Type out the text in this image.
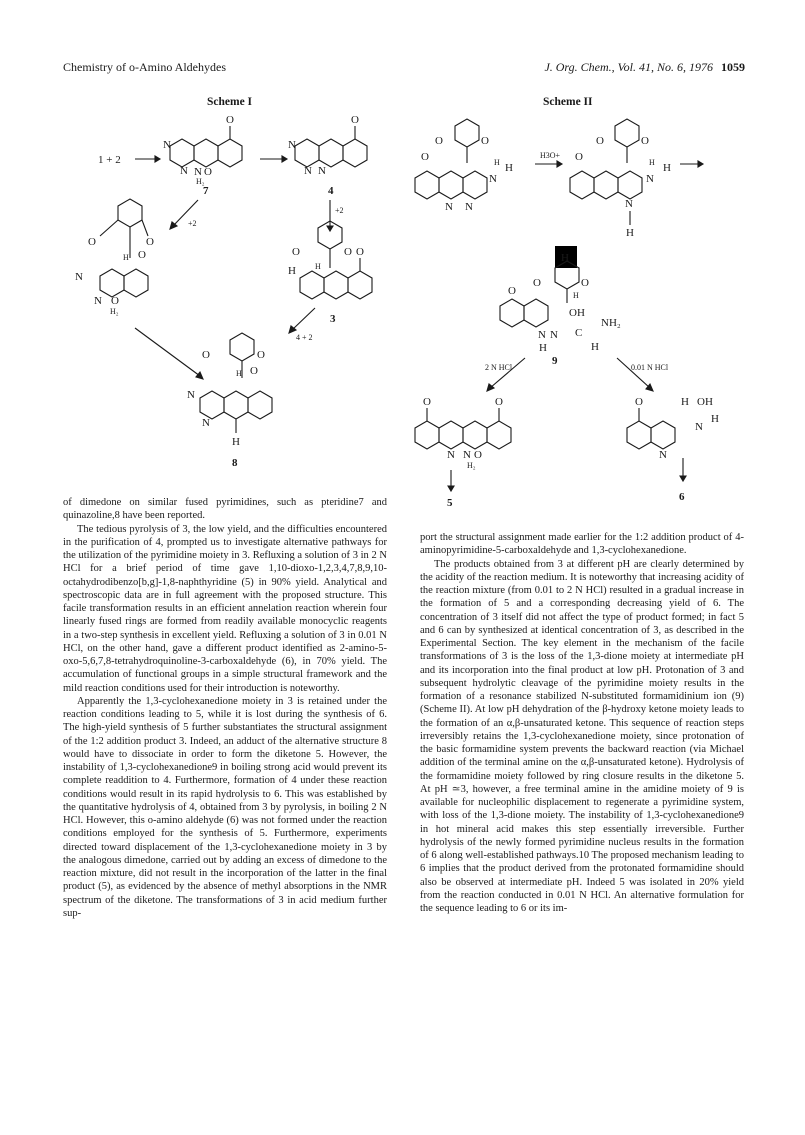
Chemistry of o-Amino Aldehydes	J. Org. Chem., Vol. 41, No. 6, 1976 1059
Scheme I	Scheme II
1 + 2
O
N
N N O
H₂
7
O
N
N N
4
+2
+2
O	O
H O
N
N O
H₂
O	O
H H
O
3
4 + 2
O	O
H O
N
N
H
8
O	O
O	H H
N
N N
H3O+
O	O
O	H H
N
N
H
H
O	O
H
OH
O
N N C
NH₂
H	H
9
2 N HCl	0.01 N HCl
O	O
N N O
H₂
5
O	H OH
N
H
N
6

of dimedone on similar fused pyrimidines, such as pteridine7 and quinazoline,8 have been reported.

The tedious pyrolysis of 3, the low yield, and the difficulties encountered in the purification of 4, prompted us to investigate alternative pathways for the utilization of the pyrimidine moiety in 3. Refluxing a solution of 3 in 2 N HCl for a brief period of time gave 1,10-dioxo-1,2,3,4,7,8,9,10-octahydrodibenzo[b,g]-1,8-naphthyridine (5) in 90% yield. Analytical and spectroscopic data are in full agreement with the proposed structure. This facile transformation results in an efficient annelation reaction wherein four linearly fused rings are formed from readily available monocyclic reagents in a two-step synthesis in excellent yield. Refluxing a solution of 3 in 0.01 N HCl, on the other hand, gave a different product identified as 2-amino-5-oxo-5,6,7,8-tetrahydroquinoline-3-carboxaldehyde (6), in 70% yield. The accumulation of functional groups in a simple structural framework and the mild reaction conditions used for their introduction is noteworthy.

Apparently the 1,3-cyclohexanedione moiety in 3 is retained under the reaction conditions leading to 5, while it is lost during the synthesis of 6. The high-yield synthesis of 5 further substantiates the structural assignment of the 1:2 addition product 3. Indeed, an adduct of the alternative structure 8 would have to dissociate in order to form the diketone 5. However, the instability of 1,3-cyclohexanedione9 in boiling strong acid would prevent its complete readdition to 4. Furthermore, formation of 4 under these reaction conditions would result in its rapid hydrolysis to 6. This was established by the quantitative hydrolysis of 4, obtained from 3 by pyrolysis, in boiling 2 N HCl. However, this o-amino aldehyde (6) was not formed under the reaction conditions employed for the synthesis of 5. Furthermore, experiments directed toward displacement of the 1,3-cyclohexanedione moiety in 3 by the analogous dimedone, carried out by adding an excess of dimedone to the reaction mixture, did not result in the incorporation of the latter in the final product (5), as evidenced by the absence of methyl absorptions in the NMR spectrum of the diketone. The transformations of 3 in acid medium further sup-

port the structural assignment made earlier for the 1:2 addition product of 4-aminopyrimidine-5-carboxaldehyde and 1,3-cyclohexanedione.

The products obtained from 3 at different pH are clearly determined by the acidity of the reaction medium. It is noteworthy that increasing acidity of the reaction mixture (from 0.01 to 2 N HCl) resulted in a gradual increase in the formation of 5 and a corresponding decreasing yield of 6. The concentration of 3 itself did not affect the type of product formed; in fact 5 and 6 can by synthesized at identical concentration of 3, as described in the Experimental Section. The key element in the mechanism of the facile transformations of 3 is the loss of the 1,3-dione moiety at intermediate pH and its incorporation into the final product at low pH. Protonation of 3 and subsequent hydrolytic cleavage of the pyrimidine moiety results in the formation of a resonance stabilized N-substituted formamidinium ion (9) (Scheme II). At low pH dehydration of the β-hydroxy ketone moiety leads to the formation of an α,β-unsaturated ketone. This sequence of reaction steps irreversibly retains the 1,3-cyclohexanedione moiety, since protonation of the basic formamidine system prevents the backward reaction (via Michael addition of the terminal amine on the α,β-unsaturated ketone). Hydrolysis of the formamidine moiety followed by ring closure results in the diketone 5. At pH ≃3, however, a free terminal amine in the amidine moiety of 9 is available for nucleophilic displacement to regenerate a pyrimidine system, with loss of the 1,3-dione moiety. The instability of 1,3-cyclohexanedione9 in hot mineral acid makes this step essentially irreversible. Further hydrolysis of the newly formed pyrimidine nucleus results in the formation of 6 along well-established pathways.10 The proposed mechanism leading to 6 implies that the product derived from the protonated formamidine should also be observed at intermediate pH. Indeed 5 was isolated in 20% yield from the reaction conducted in 0.01 N HCl. An alternative formulation for the sequence leading to 6 or its im-
